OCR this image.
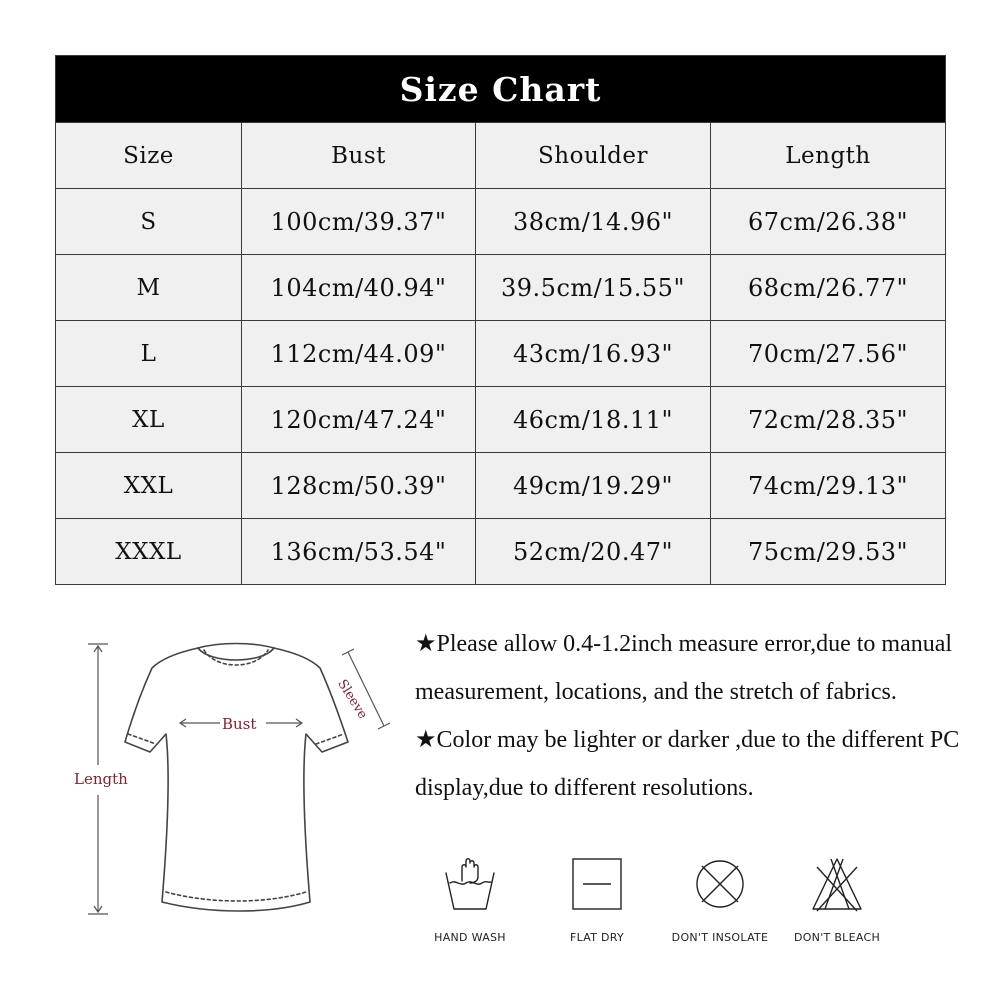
Size Chart			
Size	Bust	Shoulder	Length
S	100cm/39.37"	38cm/14.96"	67cm/26.38"
M	104cm/40.94"	39.5cm/15.55"	68cm/26.77"
L	112cm/44.09"	43cm/16.93"	70cm/27.56"
XL	120cm/47.24"	46cm/18.11"	72cm/28.35"
XXL	128cm/50.39"	49cm/19.29"	74cm/29.13"
XXXL	136cm/53.54"	52cm/20.47"	75cm/29.53"
Bust
Length
Sleeve

★Please allow 0.4-1.2inch measure error,due to manual measurement, locations, and the stretch of fabrics.

★Color may be lighter or darker ,due to the different PC display,due to different resolutions.

HAND WASH	FLAT DRY	DON'T INSOLATE	DON'T BLEACH
